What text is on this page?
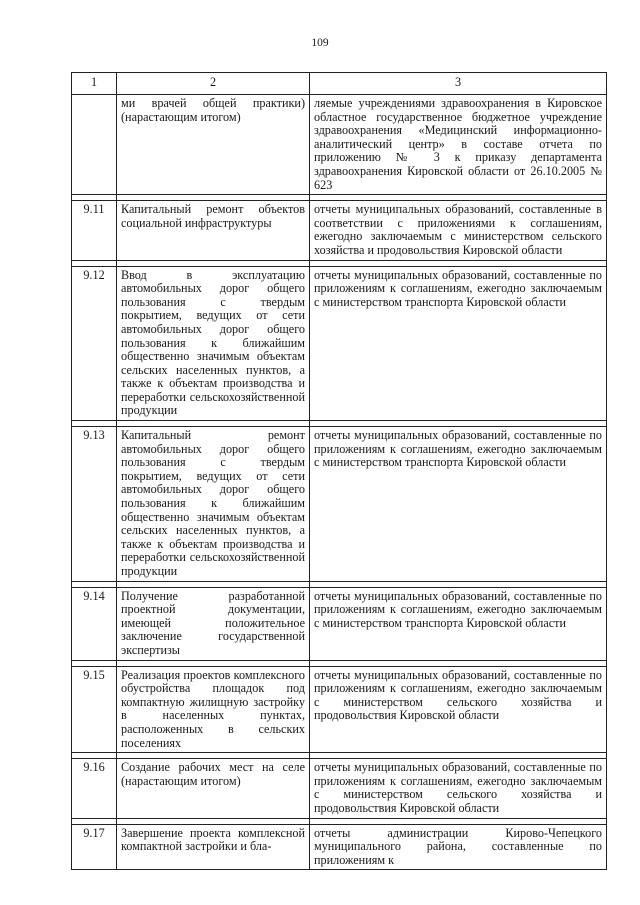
109
1	2	3
	ми врачей общей практики) (нарастающим итогом)	ляемые учреждениями здравоохранения в Кировское областное государственное бюджетное учреждение здравоохранения «Медицинский информационно-аналитический центр» в составе отчета по приложению № 3 к приказу департамента здравоохранения Кировской области от 26.10.2005 № 623

9.11	Капитальный ремонт объектов социальной инфраструктуры	отчеты муниципальных образований, составленные в соответствии с приложениями к соглашениям, ежегодно заключаемым с министерством сельского хозяйства и продовольствия Кировской области

9.12	Ввод в эксплуатацию автомобильных дорог общего пользования с твердым покрытием, ведущих от сети автомобильных дорог общего пользования к ближайшим общественно значимым объектам сельских населенных пунктов, а также к объектам производства и переработки сельскохозяйственной продукции	отчеты муниципальных образований, составленные по приложениям к соглашениям, ежегодно заключаемым с министерством транспорта Кировской области

9.13	Капитальный ремонт автомобильных дорог общего пользования с твердым покрытием, ведущих от сети автомобильных дорог общего пользования к ближайшим общественно значимым объектам сельских населенных пунктов, а также к объектам производства и переработки сельскохозяйственной продукции	отчеты муниципальных образований, составленные по приложениям к соглашениям, ежегодно заключаемым с министерством транспорта Кировской области

9.14	Получение разработанной проектной документации, имеющей положительное заключение государственной экспертизы	отчеты муниципальных образований, составленные по приложениям к соглашениям, ежегодно заключаемым с министерством транспорта Кировской области

9.15	Реализация проектов комплексного обустройства площадок под компактную жилищную застройку в населенных пунктах, расположенных в сельских поселениях	отчеты муниципальных образований, составленные по приложениям к соглашениям, ежегодно заключаемым с министерством сельского хозяйства и продовольствия Кировской области

9.16	Создание рабочих мест на селе (нарастающим итогом)	отчеты муниципальных образований, составленные по приложениям к соглашениям, ежегодно заключаемым с министерством сельского хозяйства и продовольствия Кировской области

9.17	Завершение проекта комплексной компактной застройки и бла-	отчеты администрации Кирово-Чепецкого муниципального района, составленные по приложениям к
